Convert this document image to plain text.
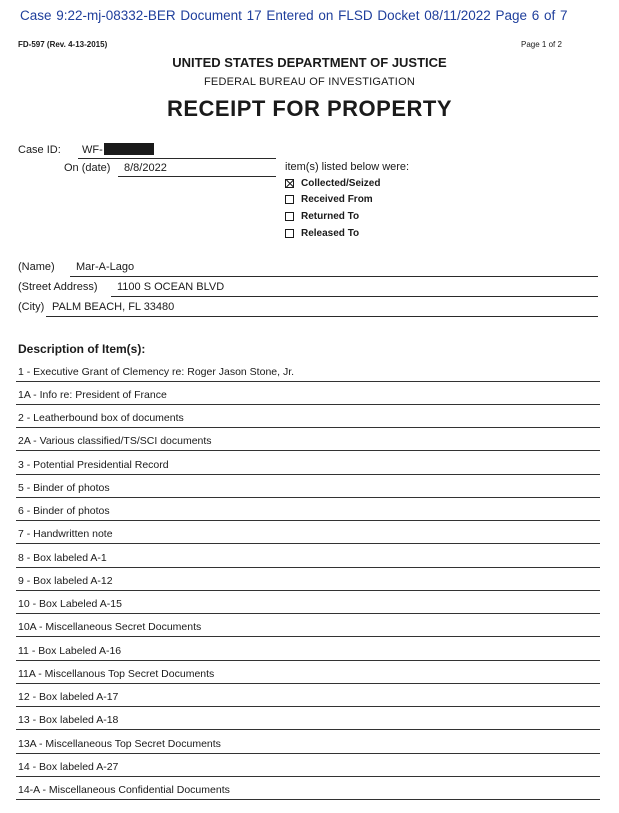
Case 9:22-mj-08332-BER Document 17 Entered on FLSD Docket 08/11/2022 Page 6 of 7
FD-597 (Rev. 4-13-2015)	Page 1 of 2
UNITED STATES DEPARTMENT OF JUSTICE
FEDERAL BUREAU OF INVESTIGATION
RECEIPT FOR PROPERTY
Case ID: WF-
On (date) 8/8/2022	item(s) listed below were:
Collected/Seized
Received From
Returned To
Released To
(Name) Mar-A-Lago
(Street Address) 1100 S OCEAN BLVD
(City) PALM BEACH, FL 33480
Description of Item(s):
1 - Executive Grant of Clemency re: Roger Jason Stone, Jr.
1A - Info re: President of France
2 - Leatherbound box of documents
2A - Various classified/TS/SCI documents
3 - Potential Presidential Record
5 - Binder of photos
6 - Binder of photos
7 - Handwritten note
8 - Box labeled A-1
9 - Box labeled A-12
10 - Box Labeled A-15
10A - Miscellaneous Secret Documents
11 - Box Labeled A-16
11A - Miscellanous Top Secret Documents
12 - Box labeled A-17
13 - Box labeled A-18
13A - Miscellaneous Top Secret Documents
14 - Box labeled A-27
14-A - Miscellaneous Confidential Documents
